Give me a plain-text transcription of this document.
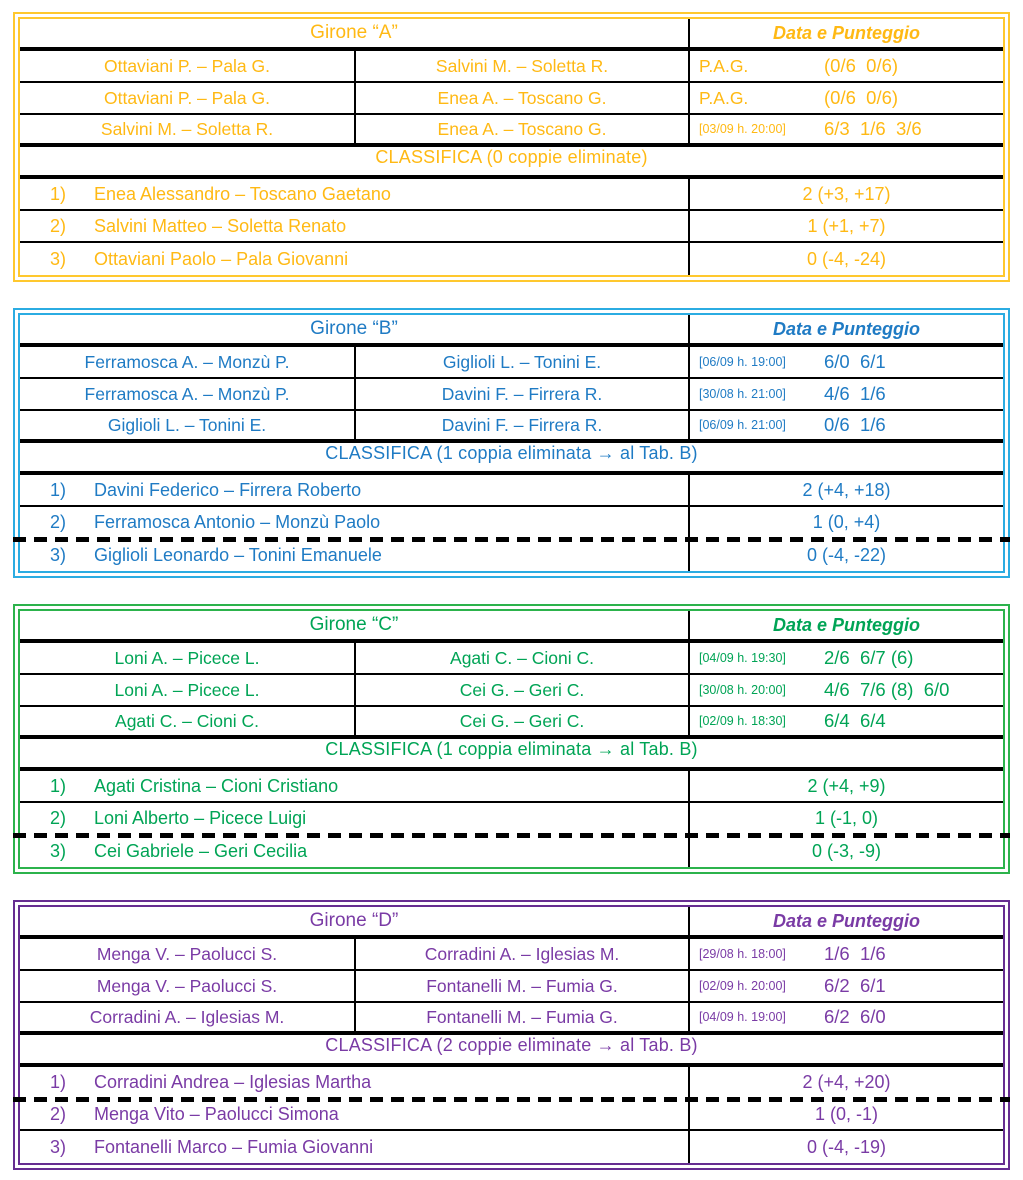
Girone “A”	Data e Punteggio
Ottaviani P. – Pala G.	Salvini M. – Soletta R.	P.A.G.	(0/6  0/6)
Ottaviani P. – Pala G.	Enea A. – Toscano G.	P.A.G.	(0/6  0/6)
Salvini M. – Soletta R.	Enea A. – Toscano G.	[03/09 h. 20:00]	6/3  1/6  3/6
CLASSIFICA (0 coppie eliminate)
1)	Enea Alessandro – Toscano Gaetano	2 (+3, +17)
2)	Salvini Matteo – Soletta Renato	1 (+1, +7)
3)	Ottaviani Paolo – Pala Giovanni	0 (-4, -24)
Girone “B”	Data e Punteggio
Ferramosca A. – Monzù P.	Giglioli L. – Tonini E.	[06/09 h. 19:00]	6/0  6/1
Ferramosca A. – Monzù P.	Davini F. – Firrera R.	[30/08 h. 21:00]	4/6  1/6
Giglioli L. – Tonini E.	Davini F. – Firrera R.	[06/09 h. 21:00]	0/6  1/6
CLASSIFICA (1 coppia eliminata → al Tab. B)
1)	Davini Federico – Firrera Roberto	2 (+4, +18)
2)	Ferramosca Antonio – Monzù Paolo	1 (0, +4)
3)	Giglioli Leonardo – Tonini Emanuele	0 (-4, -22)
Girone “C”	Data e Punteggio
Loni A. – Picece L.	Agati C. – Cioni C.	[04/09 h. 19:30]	2/6  6/7 (6)
Loni A. – Picece L.	Cei G. – Geri C.	[30/08 h. 20:00]	4/6  7/6 (8)  6/0
Agati C. – Cioni C.	Cei G. – Geri C.	[02/09 h. 18:30]	6/4  6/4
CLASSIFICA (1 coppia eliminata → al Tab. B)
1)	Agati Cristina – Cioni Cristiano	2 (+4, +9)
2)	Loni Alberto – Picece Luigi	1 (-1, 0)
3)	Cei Gabriele – Geri Cecilia	0 (-3, -9)
Girone “D”	Data e Punteggio
Menga V. – Paolucci S.	Corradini A. – Iglesias M.	[29/08 h. 18:00]	1/6  1/6
Menga V. – Paolucci S.	Fontanelli M. – Fumia G.	[02/09 h. 20:00]	6/2  6/1
Corradini A. – Iglesias M.	Fontanelli M. – Fumia G.	[04/09 h. 19:00]	6/2  6/0
CLASSIFICA (2 coppie eliminate → al Tab. B)
1)	Corradini Andrea – Iglesias Martha	2 (+4, +20)
2)	Menga Vito – Paolucci Simona	1 (0, -1)
3)	Fontanelli Marco – Fumia Giovanni	0 (-4, -19)
